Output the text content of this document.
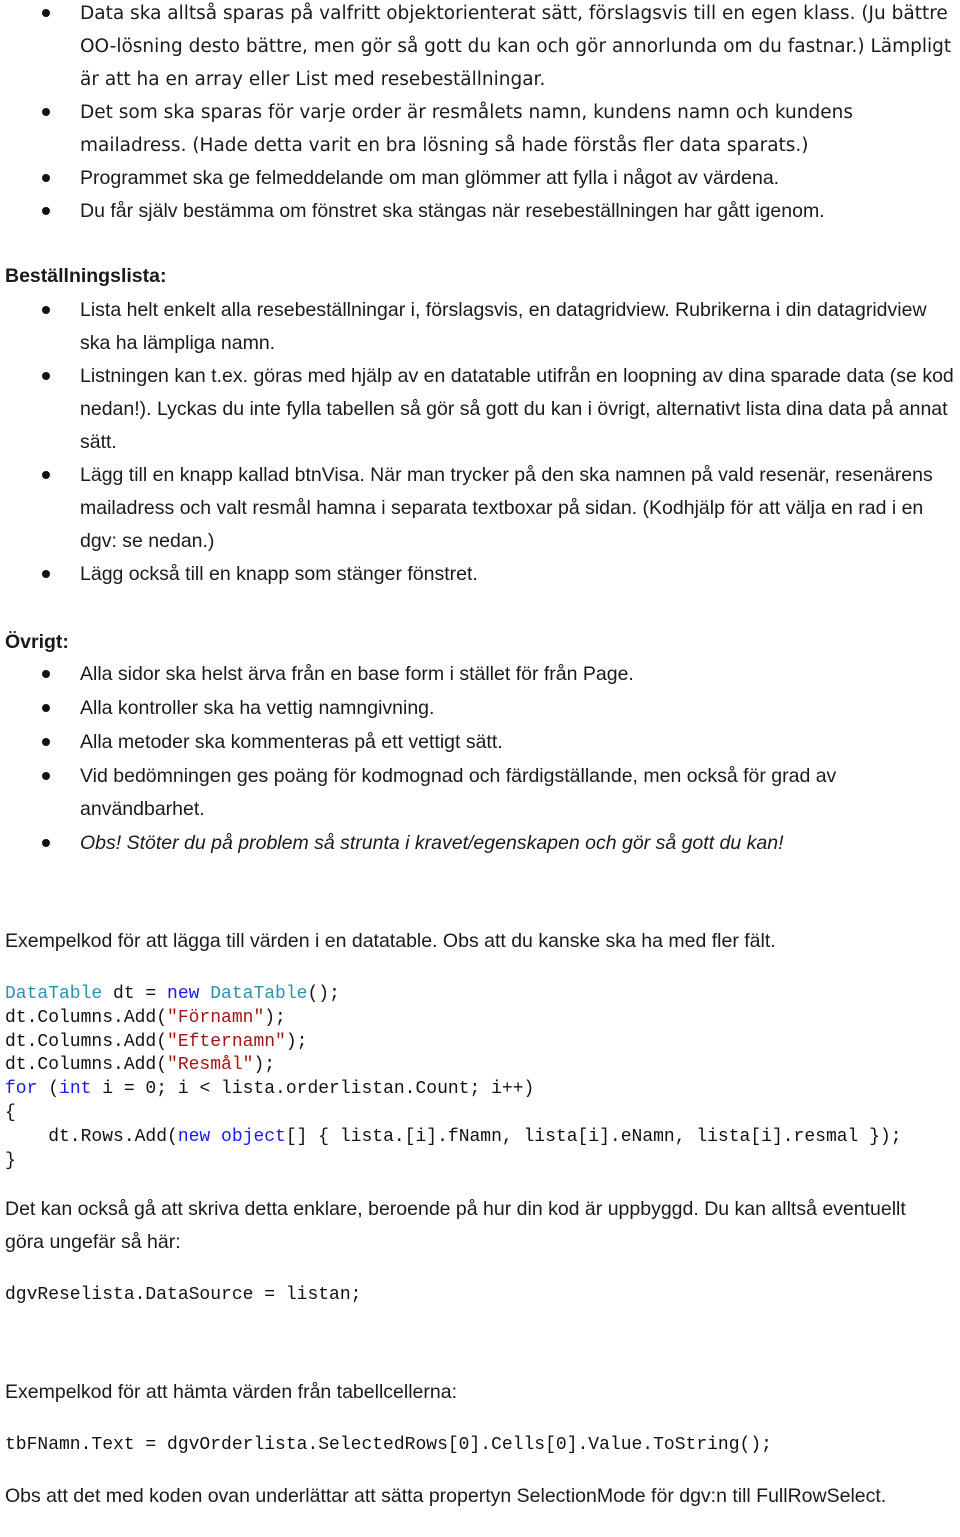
Data ska alltså sparas på valfritt objektorienterat sätt, förslagsvis till en egen klass. (Ju bättre OO-lösning desto bättre, men gör så gott du kan och gör annorlunda om du fastnar.) Lämpligt är att ha en array eller List med resebeställningar.
Det som ska sparas för varje order är resmålets namn, kundens namn och kundens mailadress. (Hade detta varit en bra lösning så hade förstås fler data sparats.)
Programmet ska ge felmeddelande om man glömmer att fylla i något av värdena.
Du får själv bestämma om fönstret ska stängas när resebeställningen har gått igenom.
Beställningslista:
Lista helt enkelt alla resebeställningar i, förslagsvis, en datagridview. Rubrikerna i din datagridview ska ha lämpliga namn.
Listningen kan t.ex. göras med hjälp av en datatable utifrån en loopning av dina sparade data (se kod nedan!). Lyckas du inte fylla tabellen så gör så gott du kan i övrigt, alternativt lista dina data på annat sätt.
Lägg till en knapp kallad btnVisa. När man trycker på den ska namnen på vald resenär, resenärens mailadress och valt resmål hamna i separata textboxar på sidan. (Kodhjälp för att välja en rad i en dgv: se nedan.)
Lägg också till en knapp som stänger fönstret.
Övrigt:
Alla sidor ska helst ärva från en base form i stället för från Page.
Alla kontroller ska ha vettig namngivning.
Alla metoder ska kommenteras på ett vettigt sätt.
Vid bedömningen ges poäng för kodmognad och färdigställande, men också för grad av användbarhet.
Obs! Stöter du på problem så strunta i kravet/egenskapen och gör så gott du kan!
Exempelkod för att lägga till värden i en datatable. Obs att du kanske ska ha med fler fält.
DataTable dt = new DataTable();
dt.Columns.Add("Förnamn");
dt.Columns.Add("Efternamn");
dt.Columns.Add("Resmål");
for (int i = 0; i < lista.orderlistan.Count; i++)
{
dt.Rows.Add(new object[] { lista.[i].fNamn, lista[i].eNamn, lista[i].resmal });
}
Det kan också gå att skriva detta enklare, beroende på hur din kod är uppbyggd. Du kan alltså eventuellt göra ungefär så här:
dgvReselista.DataSource = listan;
Exempelkod för att hämta värden från tabellcellerna:
tbFNamn.Text = dgvOrderlista.SelectedRows[0].Cells[0].Value.ToString();
Obs att det med koden ovan underlättar att sätta propertyn SelectionMode för dgv:n till FullRowSelect.
